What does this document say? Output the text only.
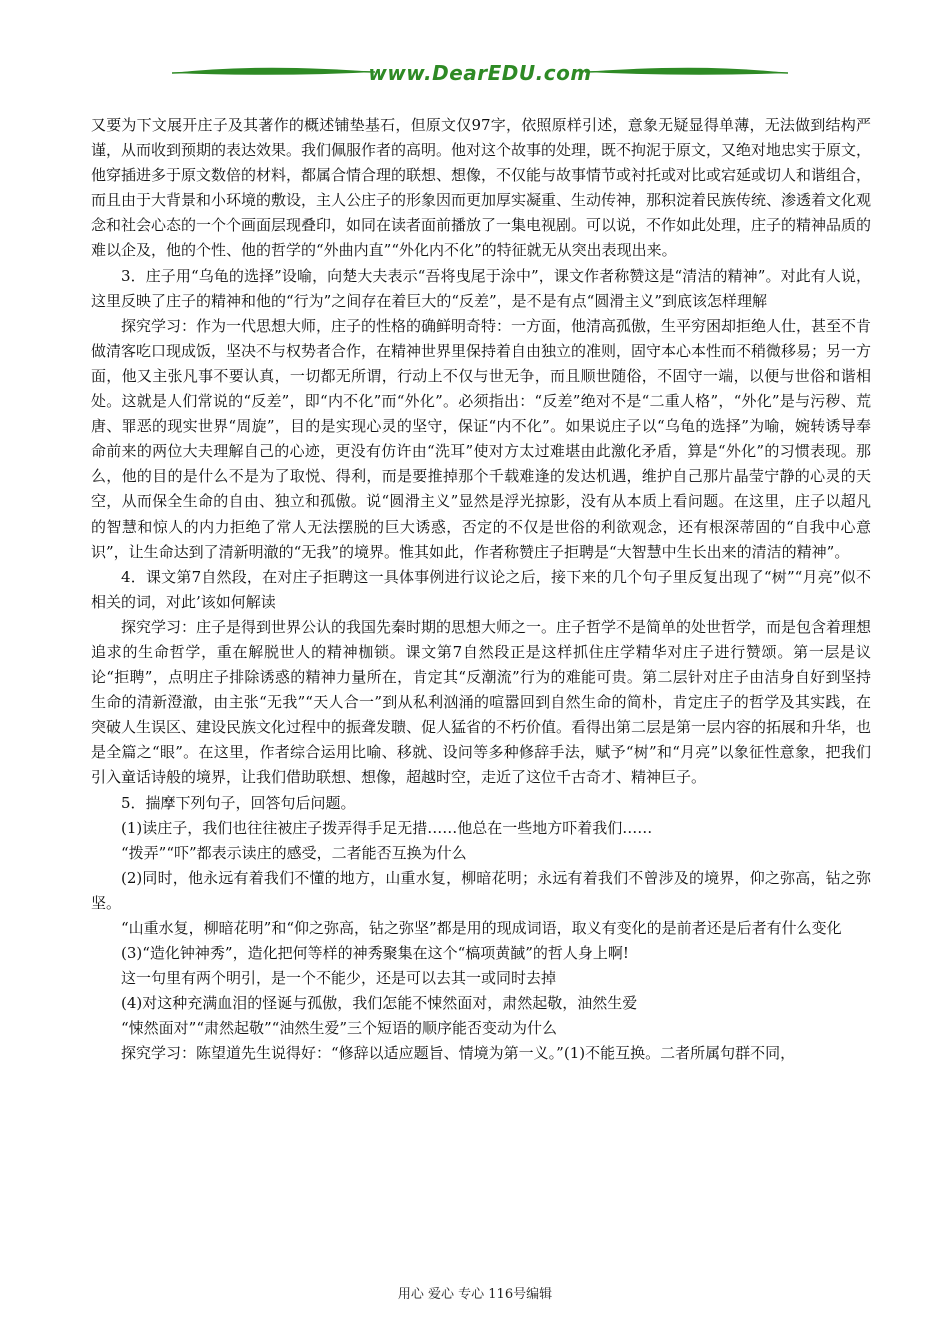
www.DearEDU.com

又要为下文展开庄子及其著作的概述铺垫基石，但原文仅97字，依照原样引述，意象无疑显得单薄，无法做到结构严谨，从而收到预期的表达效果。我们佩服作者的高明。他对这个故事的处理，既不拘泥于原文，又绝对地忠实于原文，他穿插进多于原文数倍的材料，都属合情合理的联想、想像，不仅能与故事情节或衬托或对比或宕延或切人和谐组合，而且由于大背景和小环境的敷设，主人公庄子的形象因而更加厚实凝重、生动传神，那积淀着民族传统、渗透着文化观念和社会心态的一个个画面层现叠印，如同在读者面前播放了一集电视剧。可以说，不作如此处理，庄子的精神品质的难以企及，他的个性、他的哲学的“外曲内直”“外化内不化”的特征就无从突出表现出来。

3．庄子用“乌龟的选择”设喻，向楚大夫表示“吾将曳尾于涂中”，课文作者称赞这是“清洁的精神”。对此有人说，这里反映了庄子的精神和他的“行为”之间存在着巨大的“反差”，是不是有点“圆滑主义”到底该怎样理解

探究学习：作为一代思想大师，庄子的性格的确鲜明奇特：一方面，他清高孤傲，生平穷困却拒绝人仕，甚至不肯做清客吃口现成饭，坚决不与权势者合作，在精神世界里保持着自由独立的准则，固守本心本性而不稍微移易；另一方面，他又主张凡事不要认真，一切都无所谓，行动上不仅与世无争，而且顺世随俗，不固守一端，以便与世俗和谐相处。这就是人们常说的“反差”，即“内不化”而“外化”。必须指出：“反差”绝对不是“二重人格”，“外化”是与污秽、荒唐、罪恶的现实世界“周旋”，目的是实现心灵的坚守，保证“内不化”。如果说庄子以“乌龟的选择”为喻，婉转诱导奉命前来的两位大夫理解自己的心迹，更没有仿许由“洗耳”使对方太过难堪由此激化矛盾，算是“外化”的习惯表现。那么，他的目的是什么不是为了取悦、得利，而是要推掉那个千载难逢的发达机遇，维护自己那片晶莹宁静的心灵的天空，从而保全生命的自由、独立和孤傲。说“圆滑主义”显然是浮光掠影，没有从本质上看问题。在这里，庄子以超凡的智慧和惊人的内力拒绝了常人无法摆脱的巨大诱惑，否定的不仅是世俗的利欲观念，还有根深蒂固的“自我中心意识”，让生命达到了清新明澈的“无我”的境界。惟其如此，作者称赞庄子拒聘是“大智慧中生长出来的清洁的精神”。

4．课文第7自然段，在对庄子拒聘这一具体事例进行议论之后，接下来的几个句子里反复出现了“树”“月亮”似不相关的词，对此’该如何解读

探究学习：庄子是得到世界公认的我国先秦时期的思想大师之一。庄子哲学不是简单的处世哲学，而是包含着理想追求的生命哲学，重在解脱世人的精神枷锁。课文第7自然段正是这样抓住庄学精华对庄子进行赞颂。第一层是议论“拒聘”，点明庄子排除诱惑的精神力量所在，肯定其“反潮流”行为的难能可贵。第二层针对庄子由洁身自好到坚持生命的清新澄澈，由主张“无我”“天人合一”到从私利汹涌的喧嚣回到自然生命的简朴，肯定庄子的哲学及其实践，在突破人生误区、建设民族文化过程中的振聋发聩、促人猛省的不朽价值。看得出第二层是第一层内容的拓展和升华，也是全篇之“眼”。在这里，作者综合运用比喻、移就、设问等多种修辞手法，赋予“树”和“月亮”以象征性意象，把我们引入童话诗般的境界，让我们借助联想、想像，超越时空，走近了这位千古奇才、精神巨子。

5．揣摩下列句子，回答句后问题。

(1)读庄子，我们也往往被庄子拨弄得手足无措……他总在一些地方吓着我们……

“拨弄”“吓”都表示读庄的感受，二者能否互换为什么

(2)同时，他永远有着我们不懂的地方，山重水复，柳暗花明；永远有着我们不曾涉及的境界，仰之弥高，钻之弥坚。

“山重水复，柳暗花明”和“仰之弥高，钻之弥坚”都是用的现成词语，取义有变化的是前者还是后者有什么变化

(3)“造化钟神秀”，造化把何等样的神秀聚集在这个“槁项黄馘”的哲人身上啊!

这一句里有两个明引，是一个不能少，还是可以去其一或同时去掉

(4)对这种充满血泪的怪诞与孤傲，我们怎能不悚然面对，肃然起敬，油然生爱

“悚然面对”“肃然起敬”“油然生爱”三个短语的顺序能否变动为什么

探究学习：陈望道先生说得好：“修辞以适应题旨、情境为第一义。”(1)不能互换。二者所属句群不同，

用心 爱心 专心 116号编辑
